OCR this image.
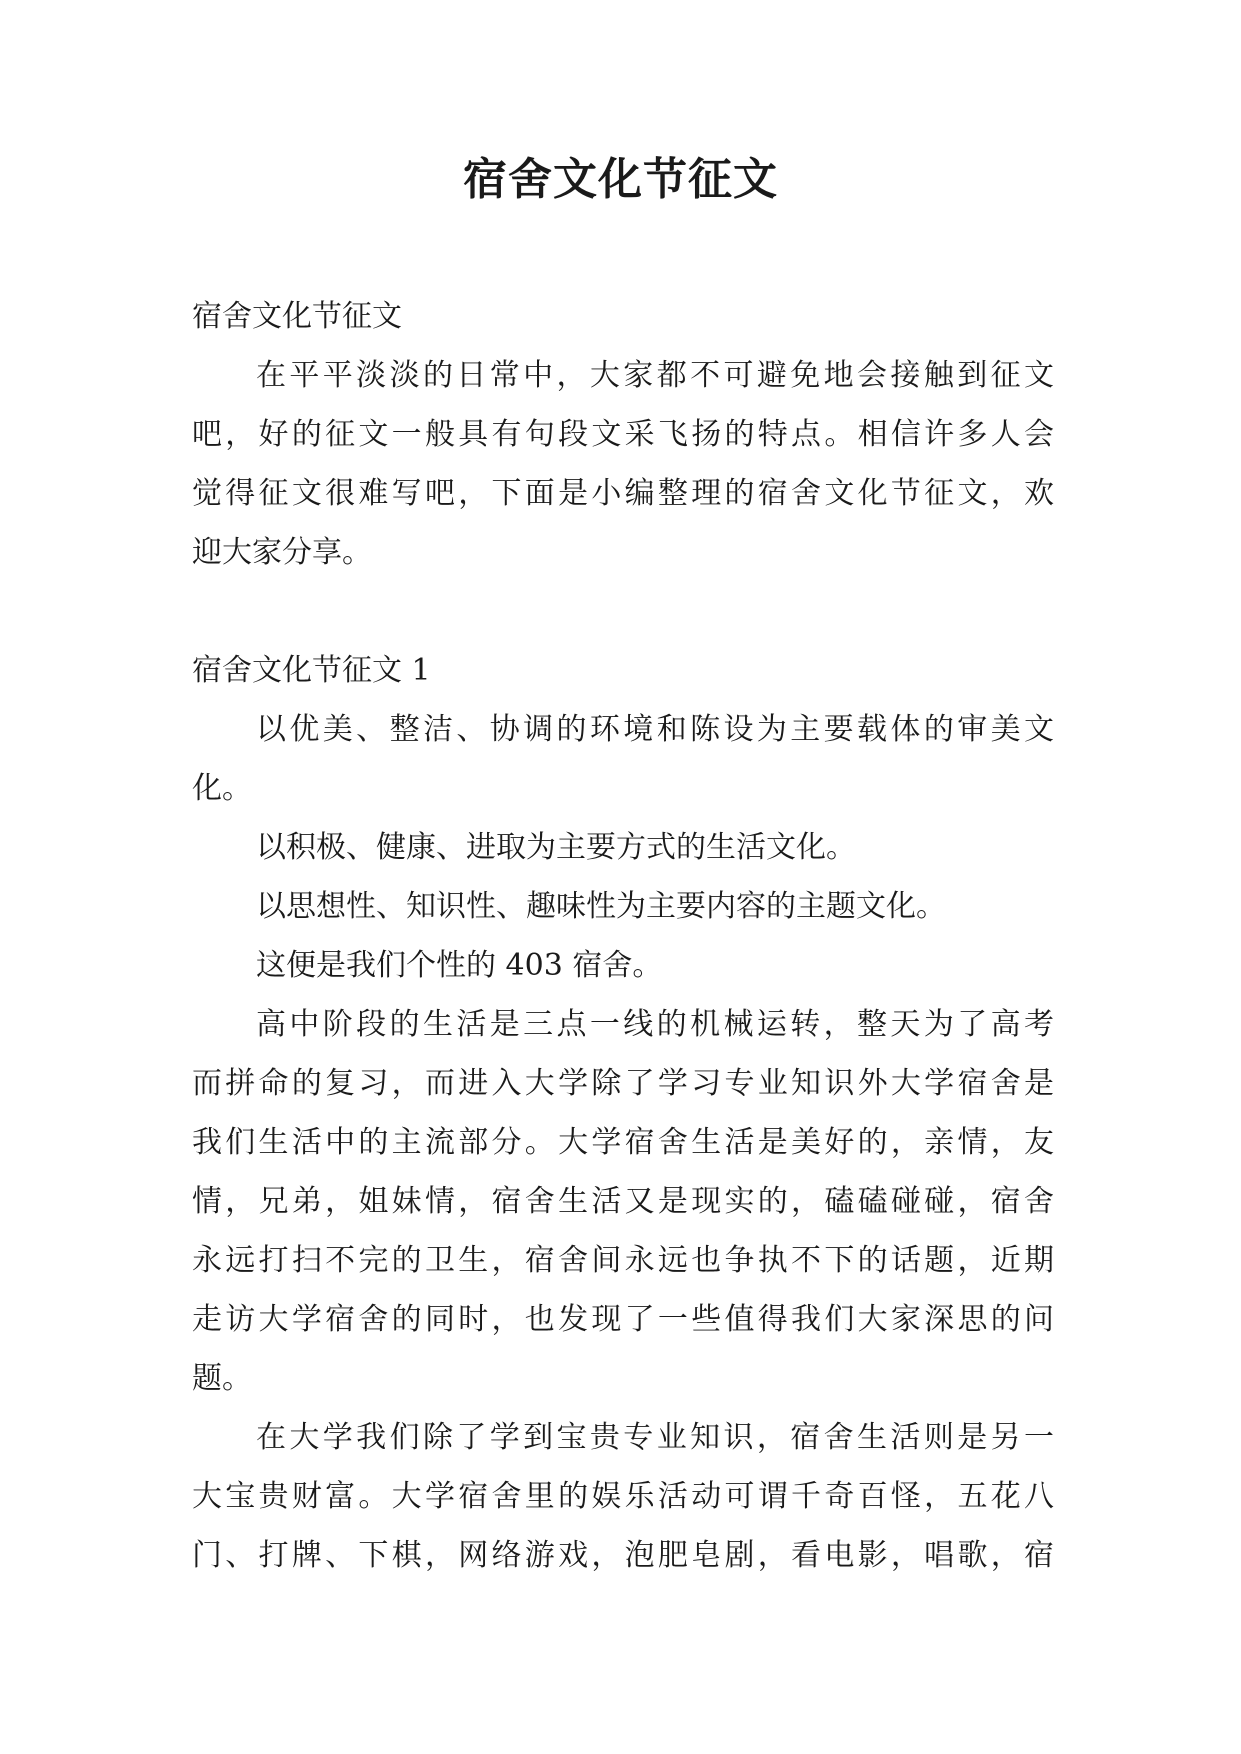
宿舍文化节征文
宿舍文化节征文
在平平淡淡的日常中，大家都不可避免地会接触到征文
吧，好的征文一般具有句段文采飞扬的特点。相信许多人会
觉得征文很难写吧，下面是小编整理的宿舍文化节征文，欢
迎大家分享。
宿舍文化节征文 1
以优美、整洁、协调的环境和陈设为主要载体的审美文
化。
以积极、健康、进取为主要方式的生活文化。
以思想性、知识性、趣味性为主要内容的主题文化。
这便是我们个性的 403 宿舍。
高中阶段的生活是三点一线的机械运转，整天为了高考
而拼命的复习，而进入大学除了学习专业知识外大学宿舍是
我们生活中的主流部分。大学宿舍生活是美好的，亲情，友
情，兄弟，姐妹情，宿舍生活又是现实的，磕磕碰碰，宿舍
永远打扫不完的卫生，宿舍间永远也争执不下的话题，近期
走访大学宿舍的同时，也发现了一些值得我们大家深思的问
题。
在大学我们除了学到宝贵专业知识，宿舍生活则是另一
大宝贵财富。大学宿舍里的娱乐活动可谓千奇百怪，五花八
门、打牌、下棋，网络游戏，泡肥皂剧，看电影，唱歌，宿
